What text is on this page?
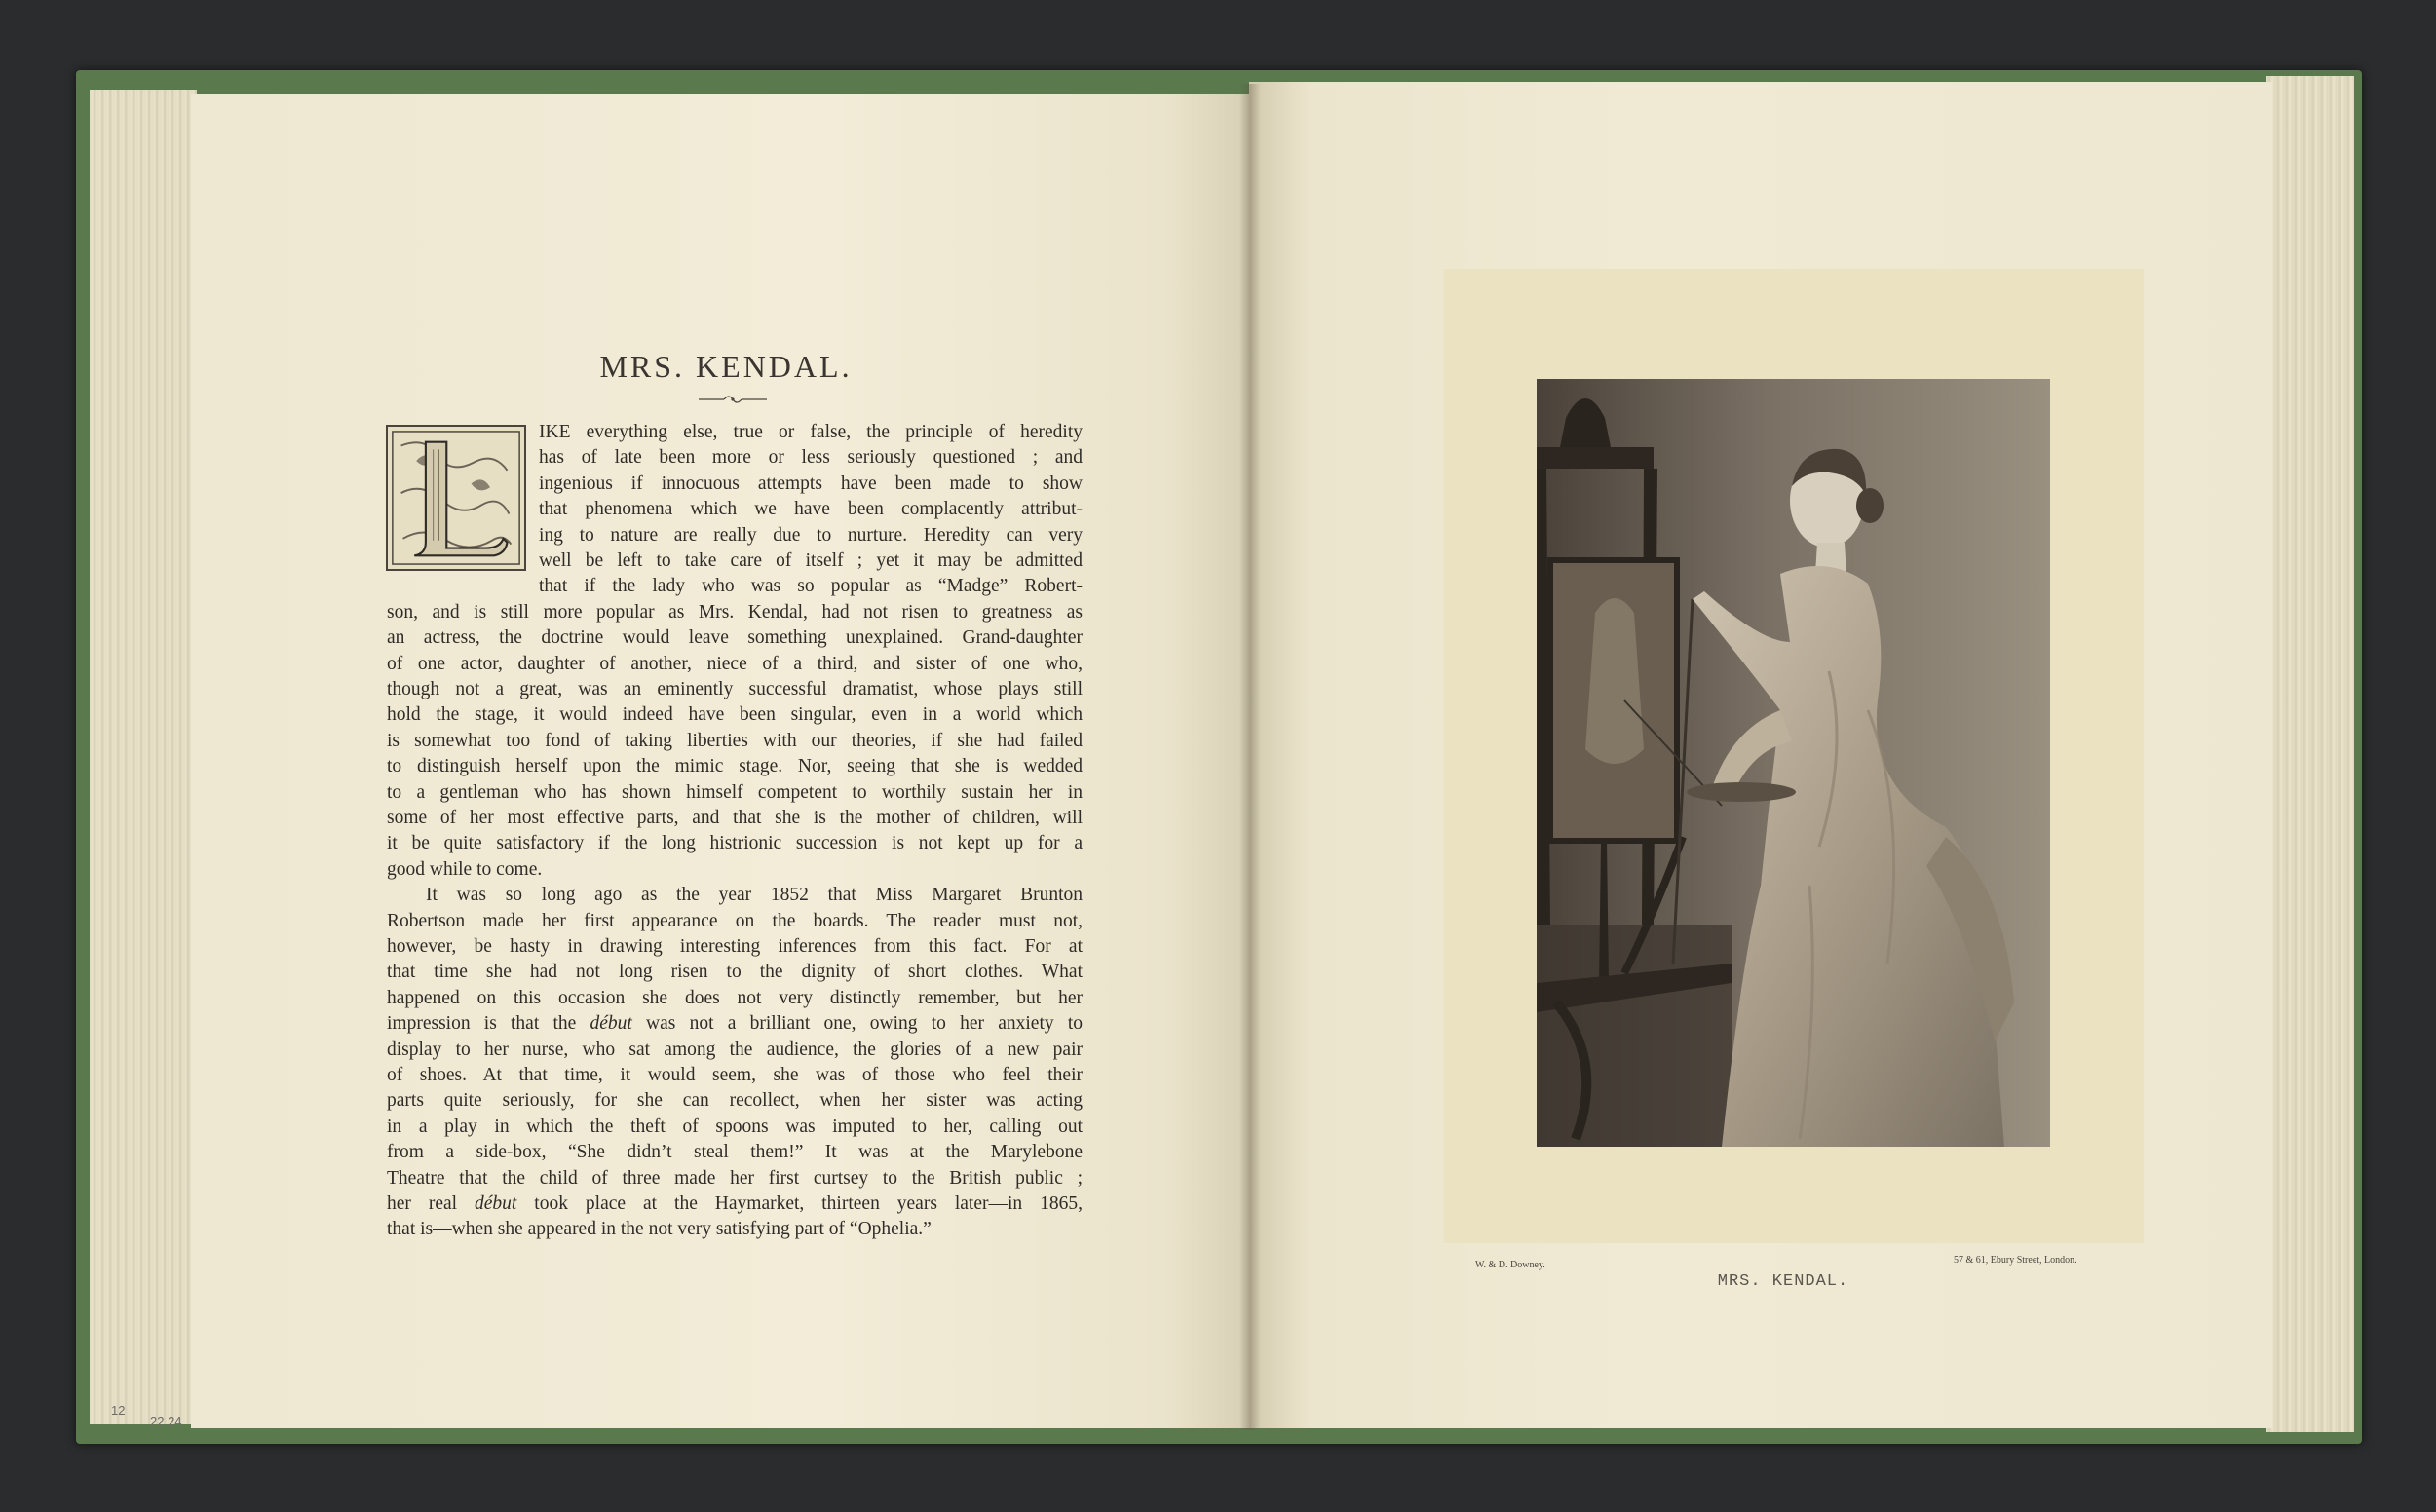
MRS. KENDAL.
IKE everything else, true or false, the principle of heredity
has of late been more or less seriously questioned ; and
ingenious if innocuous attempts have been made to show
that phenomena which we have been complacently attribut-
ing to nature are really due to nurture. Heredity can very
well be left to take care of itself ; yet it may be admitted
that if the lady who was so popular as “Madge” Robert-
son, and is still more popular as Mrs. Kendal, had not risen to greatness as
an actress, the doctrine would leave something unexplained. Grand-daughter
of one actor, daughter of another, niece of a third, and sister of one who,
though not a great, was an eminently successful dramatist, whose plays still
hold the stage, it would indeed have been singular, even in a world which
is somewhat too fond of taking liberties with our theories, if she had failed
to distinguish herself upon the mimic stage. Nor, seeing that she is wedded
to a gentleman who has shown himself competent to worthily sustain her in
some of her most effective parts, and that she is the mother of children, will
it be quite satisfactory if the long histrionic succession is not kept up for a
good while to come.
It was so long ago as the year 1852 that Miss Margaret Brunton
Robertson made her first appearance on the boards. The reader must not,
however, be hasty in drawing interesting inferences from this fact. For at
that time she had not long risen to the dignity of short clothes. What
happened on this occasion she does not very distinctly remember, but her
impression is that the début was not a brilliant one, owing to her anxiety to
display to her nurse, who sat among the audience, the glories of a new pair
of shoes. At that time, it would seem, she was of those who feel their
parts quite seriously, for she can recollect, when her sister was acting
in a play in which the theft of spoons was imputed to her, calling out
from a side-box, “She didn’t steal them!” It was at the Marylebone
Theatre that the child of three made her first curtsey to the British public ;
her real début took place at the Haymarket, thirteen years later—in 1865,
that is—when she appeared in the not very satisfying part of “Ophelia.”
W. & D. Downey.	57 & 61, Ebury Street, London.
MRS. KENDAL.
12
22 24
